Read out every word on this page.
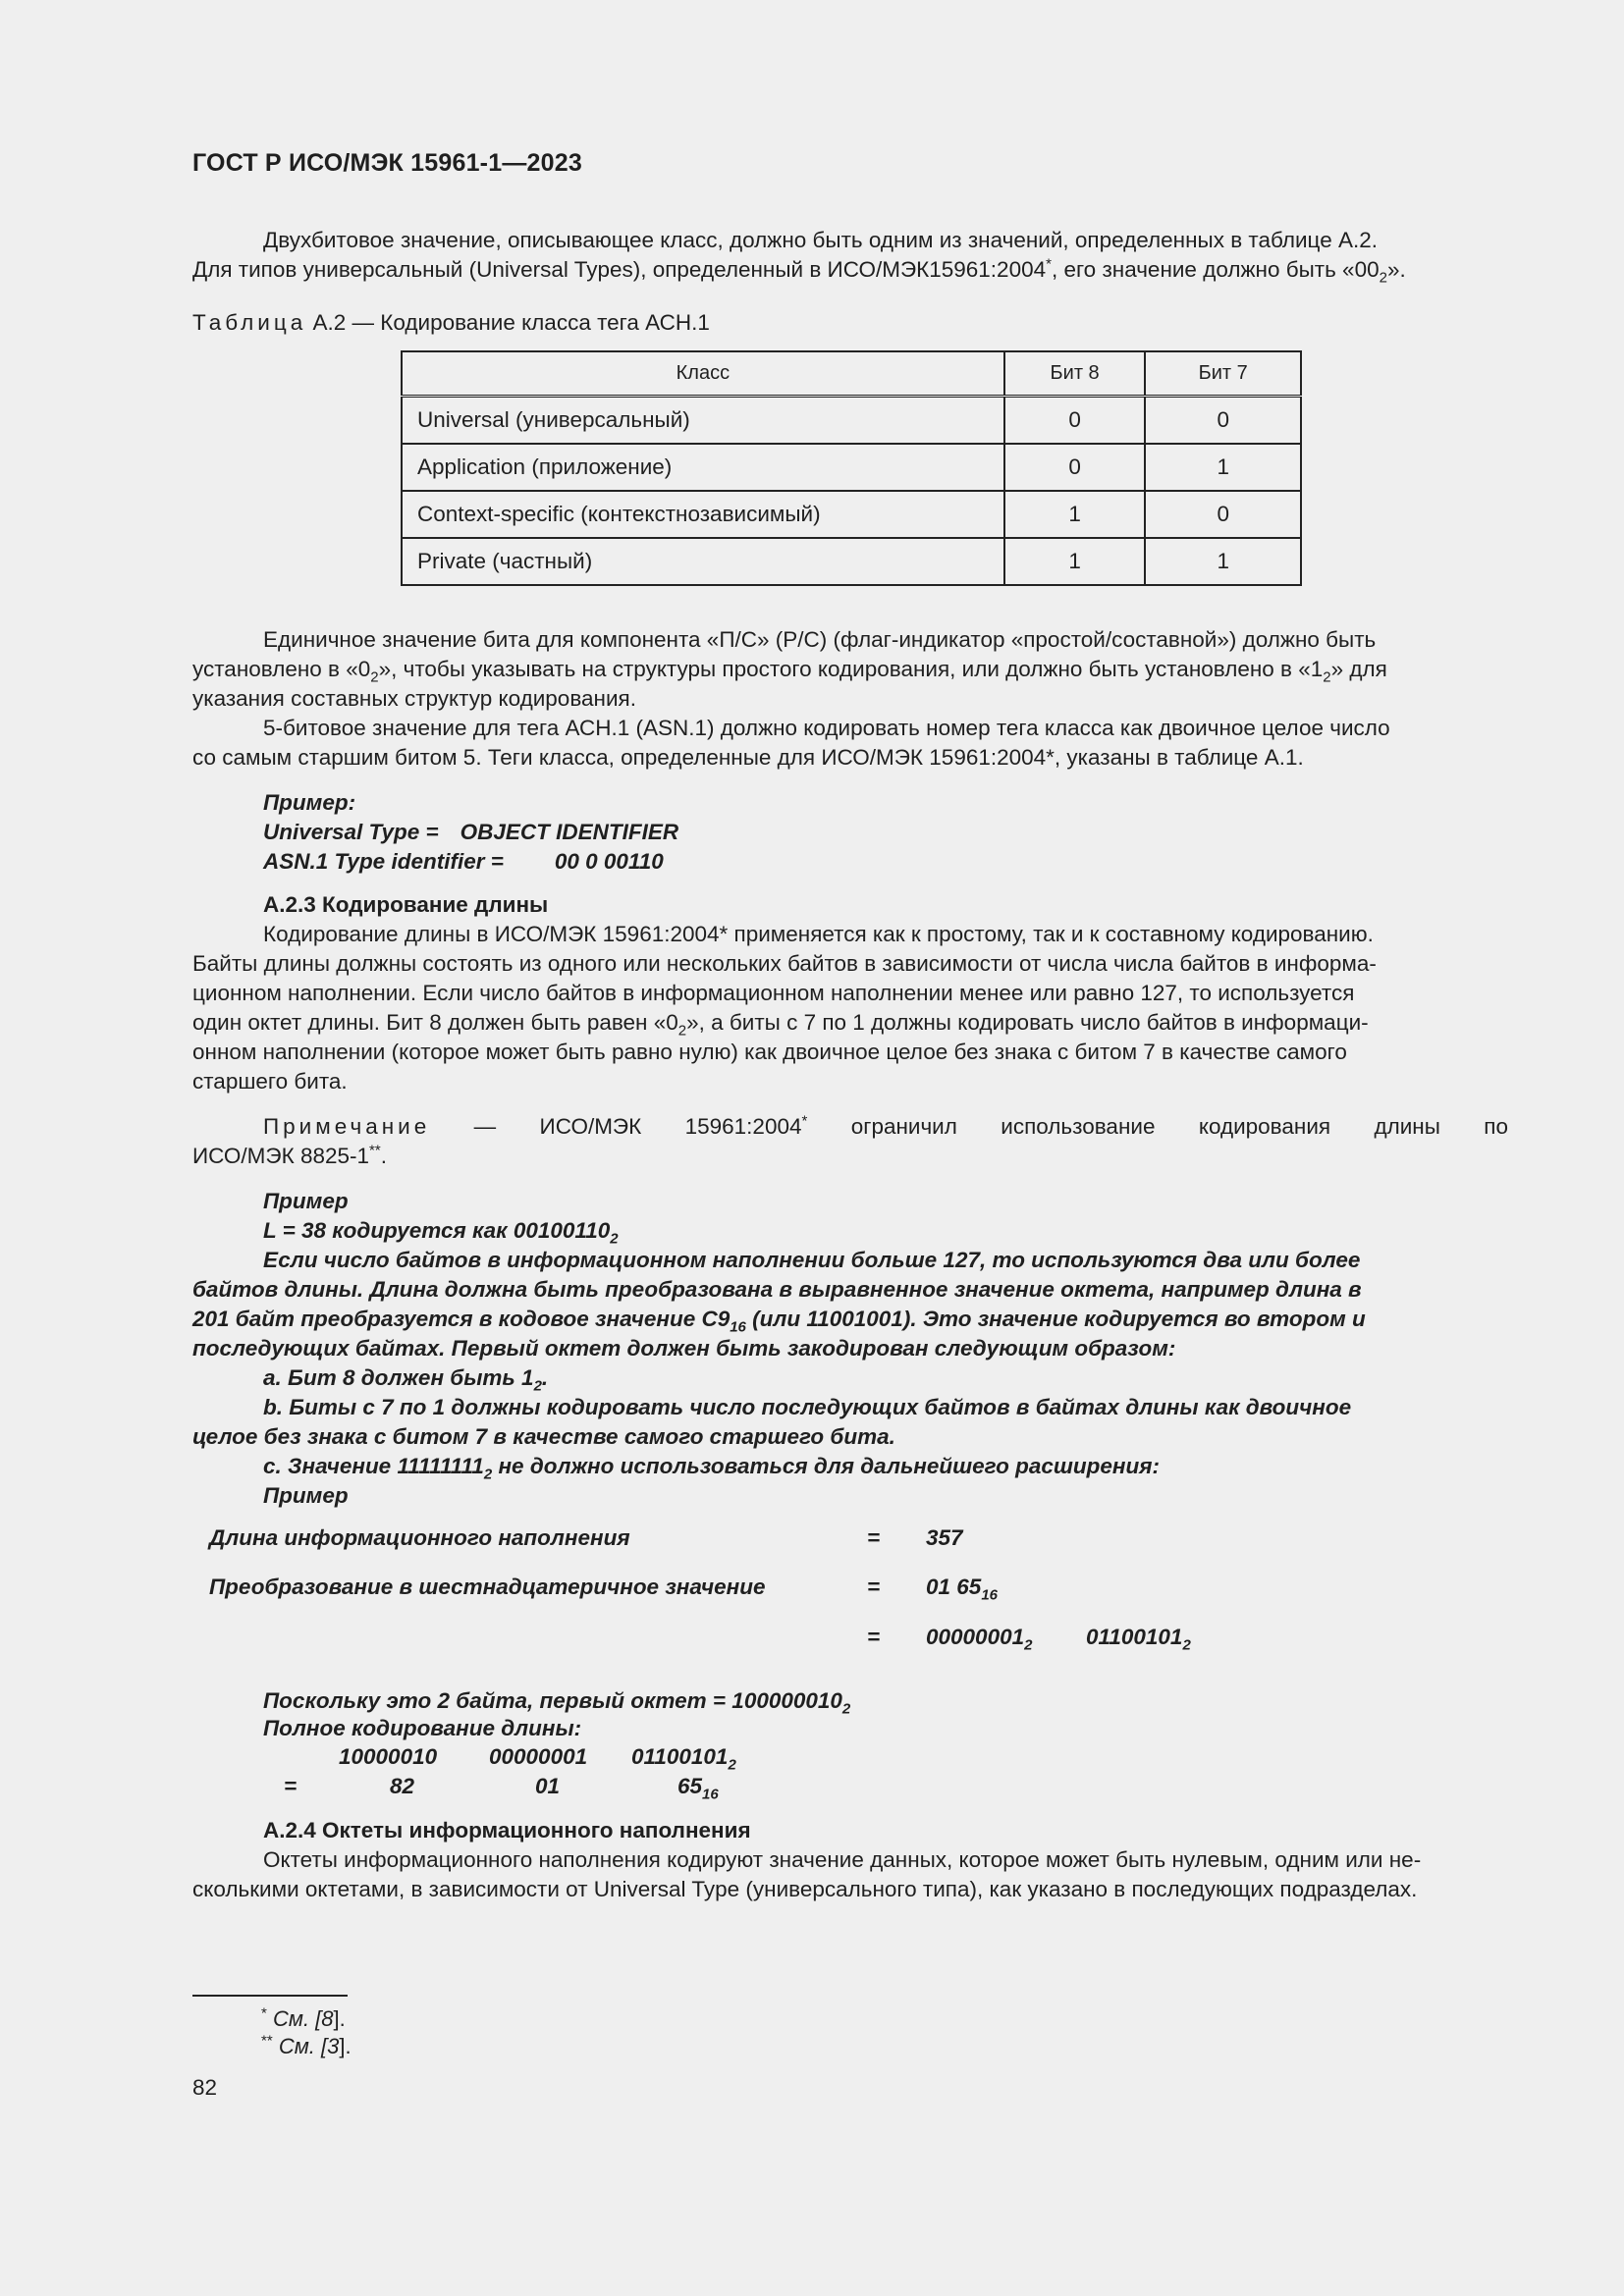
ГОСТ Р ИСО/МЭК 15961-1—2023
Двухбитовое значение, описывающее класс, должно быть одним из значений, определенных в таблице А.2.
Для типов универсальный (Universal Types), определенный в ИСО/МЭК15961:2004*, его значение должно быть «$00_2$».
Таблица А.2 — Кодирование класса тега АСН.1
Класс	Бит 8	Бит 7
Universal (универсальный)	0	0
Application (приложение)	0	1
Context-specific (контекстнозависимый)	1	0
Private (частный)	1	1
Единичное значение бита для компонента «П/С» (P/C) (флаг-индикатор «простой/составной») должно быть
установлено в «$0_2$», чтобы указывать на структуры простого кодирования, или должно быть установлено в «$1_2$» для
указания составных структур кодирования.
5-битовое значение для тега АСН.1 (ASN.1) должно кодировать номер тега класса как двоичное целое число
со самым старшим битом 5. Теги класса, определенные для ИСО/МЭК 15961:2004*, указаны в таблице А.1.
Пример:
Universal Type = OBJECT IDENTIFIER
ASN.1 Type identifier = 00 0 00110
А.2.3 Кодирование длины
Кодирование длины в ИСО/МЭК 15961:2004* применяется как к простому, так и к составному кодированию.
Байты длины должны состоять из одного или нескольких байтов в зависимости от числа числа байтов в информа-
ционном наполнении. Если число байтов в информационном наполнении менее или равно 127, то используется
один октет длины. Бит 8 должен быть равен «$0_2$», а биты с 7 по 1 должны кодировать число байтов в информаци-
онном наполнении (которое может быть равно нулю) как двоичное целое без знака с битом 7 в качестве самого
старшего бита.
Примечание — ИСО/МЭК 15961:2004* ограничил использование кодирования длины по
ИСО/МЭК 8825-1**.
Пример
L = 38 кодируется как $00100110_2$
Если число байтов в информационном наполнении больше 127, то используются два или более
байтов длины. Длина должна быть преобразована в выравненное значение октета, например длина в
201 байт преобразуется в кодовое значение $С9_{16}$ (или 11001001). Это значение кодируется во втором и
последующих байтах. Первый октет должен быть закодирован следующим образом:
а. Бит 8 должен быть $1_2$.
b. Биты с 7 по 1 должны кодировать число последующих байтов в байтах длины как двоичное
целое без знака с битом 7 в качестве самого старшего бита.
с. Значение $11111111_2$ не должно использоваться для дальнейшего расширения:
Пример
Длина информационного наполнения	= 357
Преобразование в шестнадцатеричное значение	= 01 $65_{16}$
= $00000001_2$ $01100101_2$
Поскольку это 2 байта, первый октет = $100000010_2$
Полное кодирование длины:
10000010 00000001 $01100101_2$
=	82	01	$65_{16}$
А.2.4 Октеты информационного наполнения
Октеты информационного наполнения кодируют значение данных, которое может быть нулевым, одним или не-
сколькими октетами, в зависимости от Universal Type (универсального типа), как указано в последующих подразделах.
* См. [8].
** См. [3].
82
